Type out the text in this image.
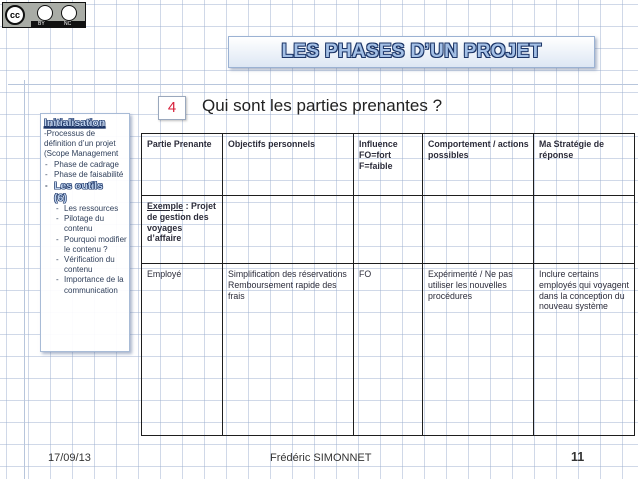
cc
BY	NC
LES PHASES D’UN PROJET
Initialisation
-Processus de définition d’un projet (Scope Management
- Phase de cadrage
- Phase de faisabilité
- Les outils
(6)
- Les ressources
- Pilotage du contenu
- Pourquoi modifier le contenu ?
- Vérification du contenu
- Importance de la communication
4	Qui sont les parties prenantes ?
Partie Prenante	Objectifs personnels	Influence FO=fort F=faible	Comportement / actions possibles	Ma Stratégie de réponse
Exemple : Projet de gestion des voyages d’affaire				
Employé	Simplification des réservations Remboursement rapide des frais	FO	Expérimenté / Ne pas utiliser les nouvelles procédures	Inclure certains employés qui voyagent dans la conception du nouveau système
17/09/13	Frédéric SIMONNET	11
